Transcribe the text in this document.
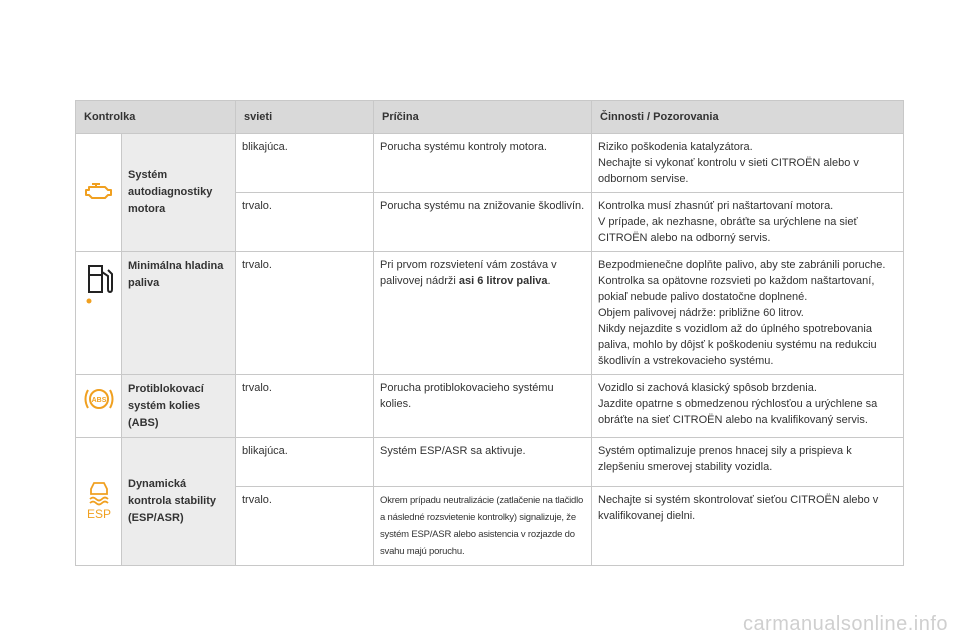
Kontrolka		svieti	Príčina	Činnosti / Pozorovania
	Systém autodiagnostiky motora	blikajúca.	Porucha systému kontroly motora.	Riziko poškodenia katalyzátora.
Nechajte si vykonať kontrolu v sieti CITROËN alebo v odbornom servise.
		trvalo.	Porucha systému na znižovanie škodlivín.	Kontrolka musí zhasnúť pri naštartovaní motora.
V prípade, ak nezhasne, obráťte sa urýchlene na sieť CITROËN alebo na odborný servis.
	Minimálna hladina paliva	trvalo.	Pri prvom rozsvietení vám zostáva v palivovej nádrži asi 6 litrov paliva.	Bezpodmienečne doplňte palivo, aby ste zabránili poruche.
Kontrolka sa opätovne rozsvieti po každom naštartovaní, pokiaľ nebude palivo dostatočne doplnené.
Objem palivovej nádrže: približne 60 litrov.
Nikdy nejazdite s vozidlom až do úplného spotrebovania paliva, mohlo by dôjsť k poškodeniu systému na redukciu škodlivín a vstrekovacieho systému.

ABS	Protiblokovací systém kolies (ABS)	trvalo.	Porucha protiblokovacieho systému kolies.	Vozidlo si zachová klasický spôsob brzdenia.
Jazdite opatrne s obmedzenou rýchlosťou a urýchlene sa obráťte na sieť CITROËN alebo na kvalifikovaný servis.

ESP	Dynamická kontrola stability (ESP/ASR)	blikajúca.	Systém ESP/ASR sa aktivuje.	Systém optimalizuje prenos hnacej sily a prispieva k zlepšeniu smerovej stability vozidla.
		trvalo.	Okrem prípadu neutralizácie (zatlačenie na tlačidlo a následné rozsvietenie kontrolky) signalizuje, že systém ESP/ASR alebo asistencia v rozjazde do svahu majú poruchu.	Nechajte si systém skontrolovať sieťou CITROËN alebo v kvalifikovanej dielni.
carmanualsonline.info
